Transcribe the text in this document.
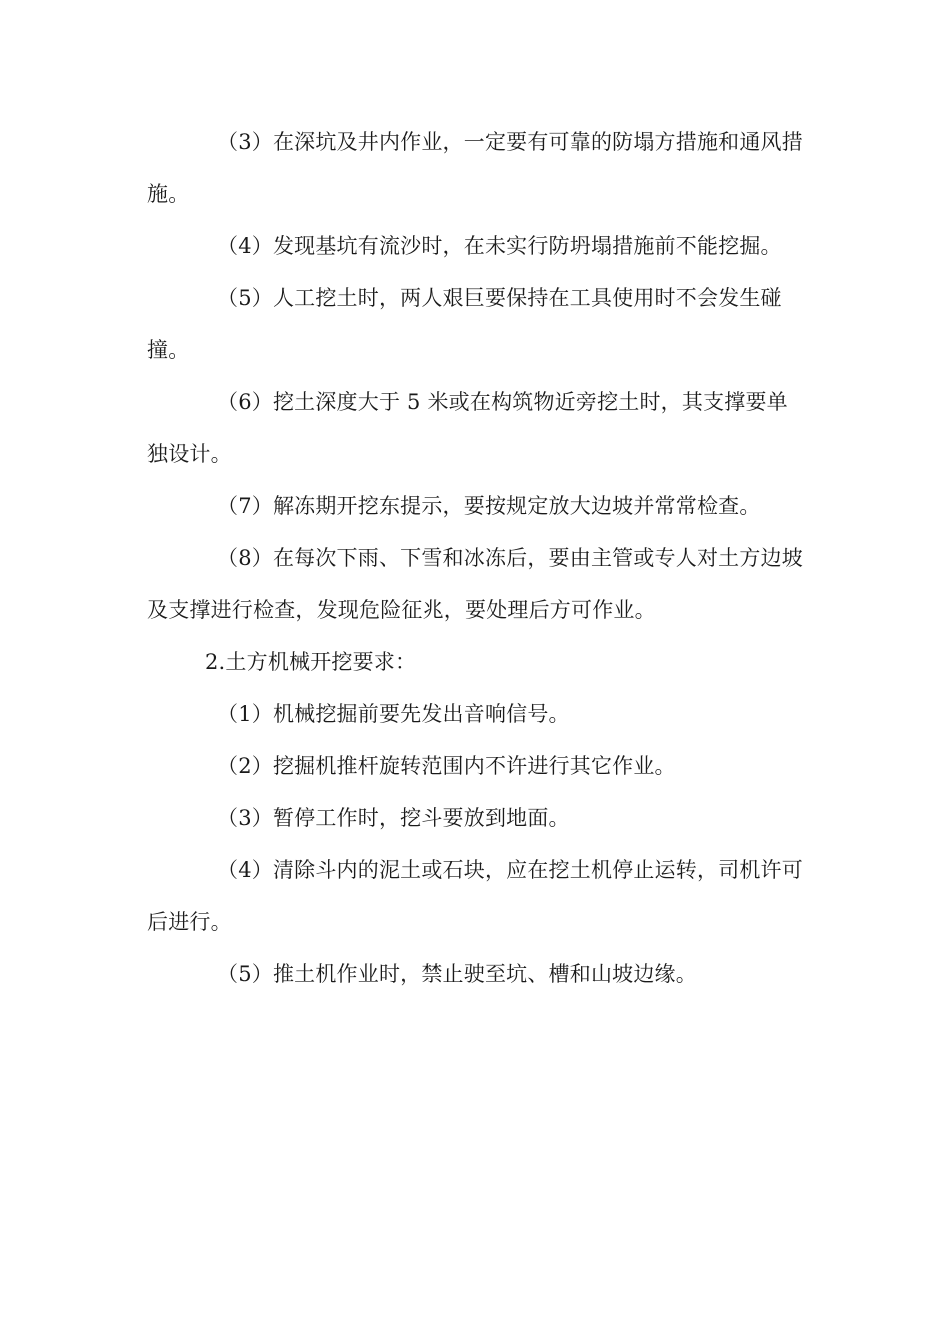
（3）在深坑及井内作业，一定要有可靠的防塌方措施和通风措施。

（4）发现基坑有流沙时，在未实行防坍塌措施前不能挖掘。

（5）人工挖土时，两人艰巨要保持在工具使用时不会发生碰撞。

（6）挖土深度大于 5 米或在构筑物近旁挖土时，其支撑要单独设计。

（7）解冻期开挖东提示，要按规定放大边坡并常常检查。

（8）在每次下雨、下雪和冰冻后，要由主管或专人对土方边坡及支撑进行检查，发现危险征兆，要处理后方可作业。

2.土方机械开挖要求：

（1）机械挖掘前要先发出音响信号。

（2）挖掘机推杆旋转范围内不许进行其它作业。

（3）暂停工作时，挖斗要放到地面。

（4）清除斗内的泥土或石块，应在挖土机停止运转，司机许可后进行。

（5）推土机作业时，禁止驶至坑、槽和山坡边缘。
